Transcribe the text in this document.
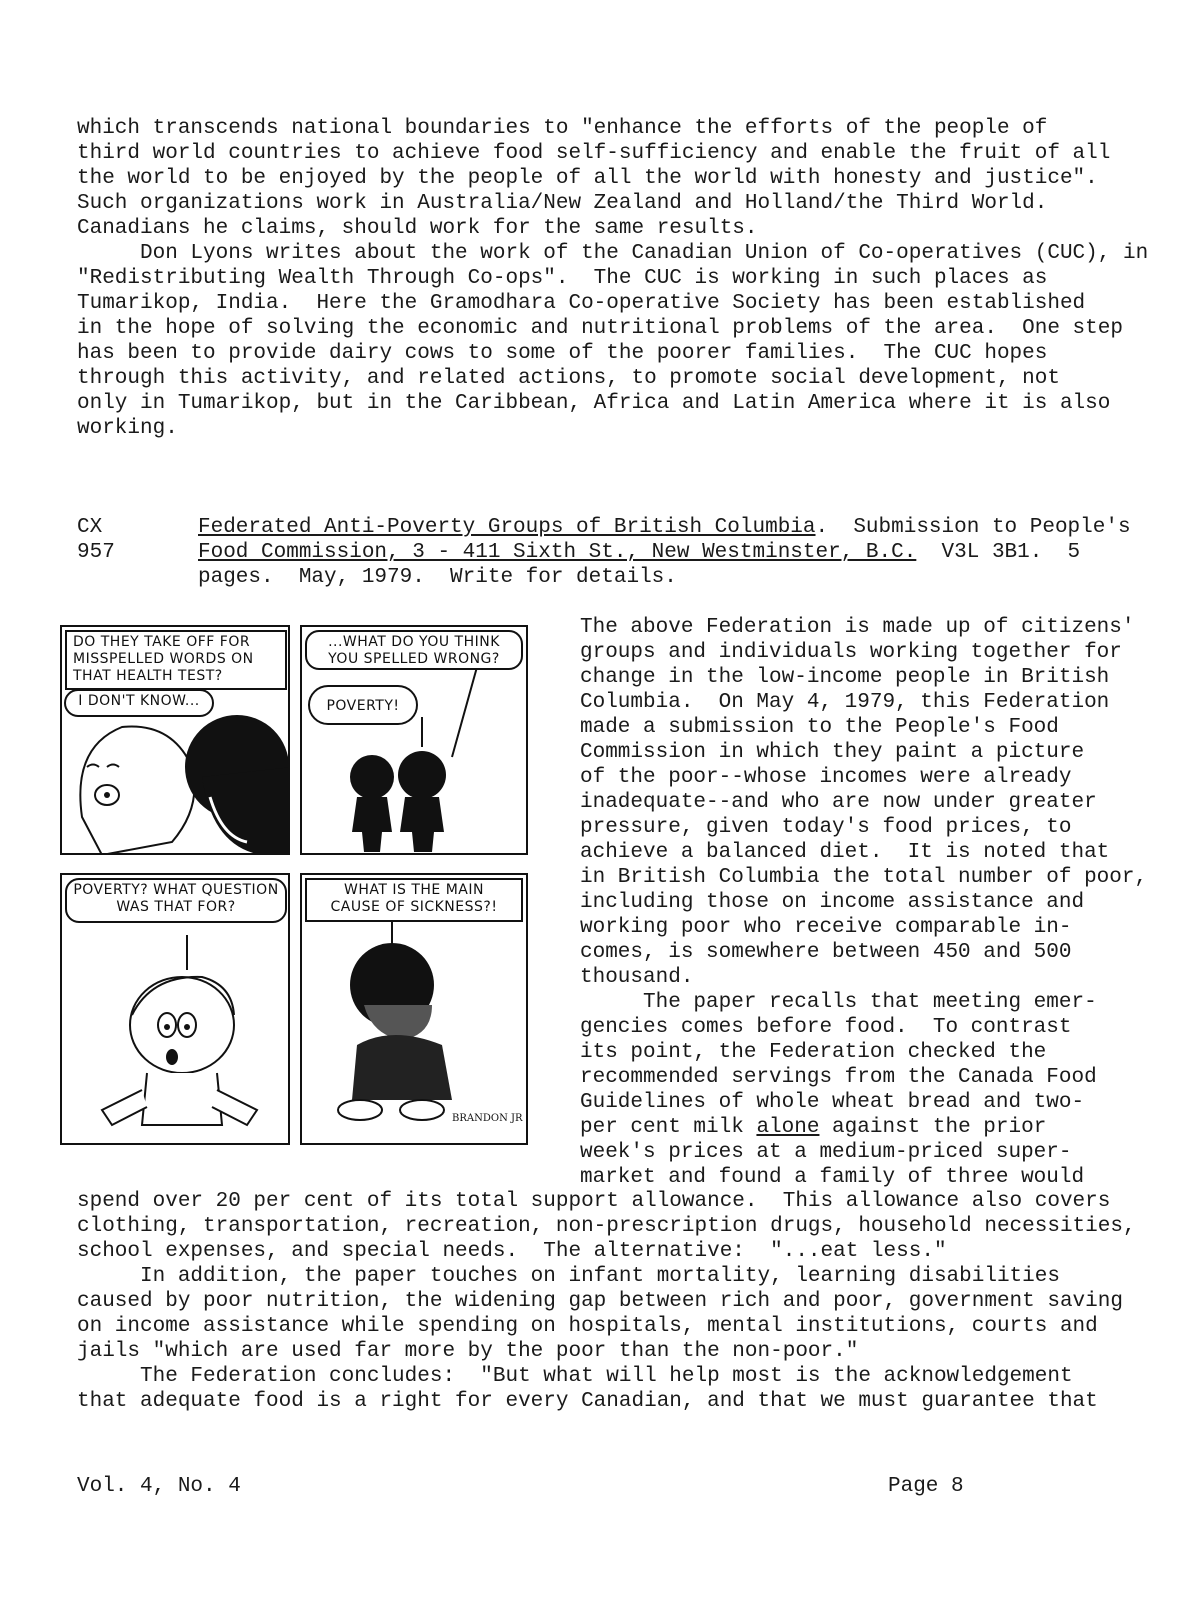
which transcends national boundaries to "enhance the efforts of the people of

third world countries to achieve food self-sufficiency and enable the fruit of all

the world to be enjoyed by the people of all the world with honesty and justice".

Such organizations work in Australia/New Zealand and Holland/the Third World.

Canadians he claims, should work for the same results.

Don Lyons writes about the work of the Canadian Union of Co-operatives (CUC), in

"Redistributing Wealth Through Co-ops".  The CUC is working in such places as

Tumarikop, India.  Here the Gramodhara Co-operative Society has been established

in the hope of solving the economic and nutritional problems of the area.  One step

has been to provide dairy cows to some of the poorer families.  The CUC hopes

through this activity, and related actions, to promote social development, not

only in Tumarikop, but in the Caribbean, Africa and Latin America where it is also

working.

CX

957

Federated Anti-Poverty Groups of British Columbia.  Submission to People's

Food Commission, 3 - 411 Sixth St., New Westminster, B.C.  V3L 3B1.  5

pages.  May, 1979.  Write for details.

DO THEY TAKE OFF FOR
MISSPELLED WORDS ON
THAT HEALTH TEST?
I DON'T KNOW...
...WHAT DO YOU THINK
YOU SPELLED WRONG?
POVERTY!
POVERTY? WHAT QUESTION
WAS THAT FOR?
WHAT IS THE MAIN
CAUSE OF SICKNESS?!
BRANDON JR

The above Federation is made up of citizens'

groups and individuals working together for

change in the low-income people in British

Columbia.  On May 4, 1979, this Federation

made a submission to the People's Food

Commission in which they paint a picture

of the poor--whose incomes were already

inadequate--and who are now under greater

pressure, given today's food prices, to

achieve a balanced diet.  It is noted that

in British Columbia the total number of poor,

including those on income assistance and

working poor who receive comparable in-

comes, is somewhere between 450 and 500

thousand.

The paper recalls that meeting emer-

gencies comes before food.  To contrast

its point, the Federation checked the

recommended servings from the Canada Food

Guidelines of whole wheat bread and two-

per cent milk alone against the prior

week's prices at a medium-priced super-

market and found a family of three would

spend over 20 per cent of its total support allowance.  This allowance also covers

clothing, transportation, recreation, non-prescription drugs, household necessities,

school expenses, and special needs.  The alternative:  "...eat less."

In addition, the paper touches on infant mortality, learning disabilities

caused by poor nutrition, the widening gap between rich and poor, government saving

on income assistance while spending on hospitals, mental institutions, courts and

jails "which are used far more by the poor than the non-poor."

The Federation concludes:  "But what will help most is the acknowledgement

that adequate food is a right for every Canadian, and that we must guarantee that

Vol. 4, No. 4	Page 8
